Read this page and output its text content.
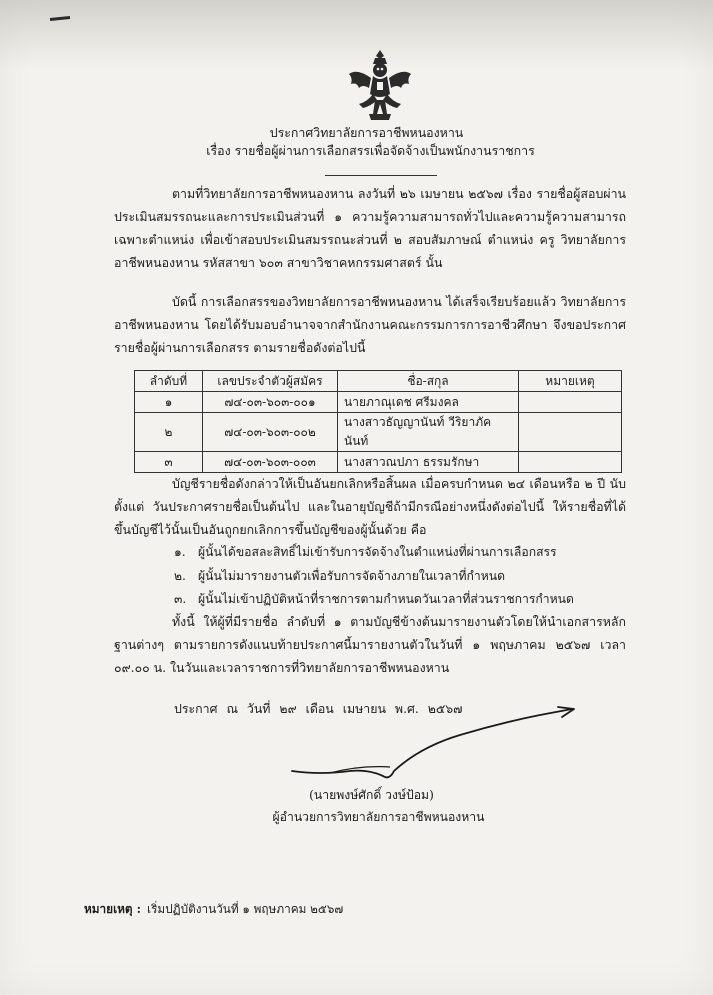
ประกาศวิทยาลัยการอาชีพหนองหาน
เรื่อง รายชื่อผู้ผ่านการเลือกสรรเพื่อจัดจ้างเป็นพนักงานราชการ
ตามที่วิทยาลัยการอาชีพหนองหาน ลงวันที่ ๒๖ เมษายน ๒๕๖๗ เรื่อง รายชื่อผู้สอบผ่านประเมินสมรรถนะและการประเมินส่วนที่ ๑ ความรู้ความสามารถทั่วไปและความรู้ความสามารถเฉพาะตำแหน่ง เพื่อเข้าสอบประเมินสมรรถนะส่วนที่ ๒ สอบสัมภาษณ์ ตำแหน่ง ครู วิทยาลัยการอาชีพหนองหาน รหัสสาขา ๖๐๓ สาขาวิชาคหกรรมศาสตร์ นั้น
บัดนี้ การเลือกสรรของวิทยาลัยการอาชีพหนองหาน ได้เสร็จเรียบร้อยแล้ว วิทยาลัยการอาชีพหนองหาน โดยได้รับมอบอำนาจจากสำนักงานคณะกรรมการการอาชีวศึกษา จึงขอประกาศรายชื่อผู้ผ่านการเลือกสรร ตามรายชื่อดังต่อไปนี้
ลำดับที่	เลขประจำตัวผู้สมัคร	ชื่อ-สกุล	หมายเหตุ
๑	๗๔-๐๓-๖๐๓-๐๐๑	นายภาณุเดช ศรีมงคล	
๒	๗๔-๐๓-๖๐๓-๐๐๒	นางสาวธัญญานันท์ วีริยาภัคนันท์	
๓	๗๔-๐๓-๖๐๓-๐๐๓	นางสาวณปภา ธรรมรักษา	
บัญชีรายชื่อดังกล่าวให้เป็นอันยกเลิกหรือสิ้นผล เมื่อครบกำหนด ๒๔ เดือนหรือ ๒ ปี นับตั้งแต่ วันประกาศรายชื่อเป็นต้นไป และในอายุบัญชีถ้ามีกรณีอย่างหนึ่งดังต่อไปนี้ ให้รายชื่อที่ได้ขึ้นบัญชีไว้นั้นเป็นอันถูกยกเลิกการขึ้นบัญชีของผู้นั้นด้วย คือ
๑. ผู้นั้นได้ขอสละสิทธิ์ไม่เข้ารับการจัดจ้างในตำแหน่งที่ผ่านการเลือกสรร
๒. ผู้นั้นไม่มารายงานตัวเพื่อรับการจัดจ้างภายในเวลาที่กำหนด
๓. ผู้นั้นไม่เข้าปฏิบัติหน้าที่ราชการตามกำหนดวันเวลาที่ส่วนราชการกำหนด
ทั้งนี้ ให้ผู้ที่มีรายชื่อ ลำดับที่ ๑ ตามบัญชีข้างต้นมารายงานตัวโดยให้นำเอกสารหลักฐานต่างๆ ตามรายการดังแนบท้ายประกาศนี้มารายงานตัวในวันที่ ๑ พฤษภาคม ๒๕๖๗ เวลา ๐๙.๐๐ น. ในวันและเวลาราชการที่วิทยาลัยการอาชีพหนองหาน
ประกาศ ณ วันที่ ๒๙ เดือน เมษายน พ.ศ. ๒๕๖๗
(นายพงษ์ศักดิ์ วงษ์ป้อม)
ผู้อำนวยการวิทยาลัยการอาชีพหนองหาน
หมายเหตุ : เริ่มปฏิบัติงานวันที่ ๑ พฤษภาคม ๒๕๖๗
